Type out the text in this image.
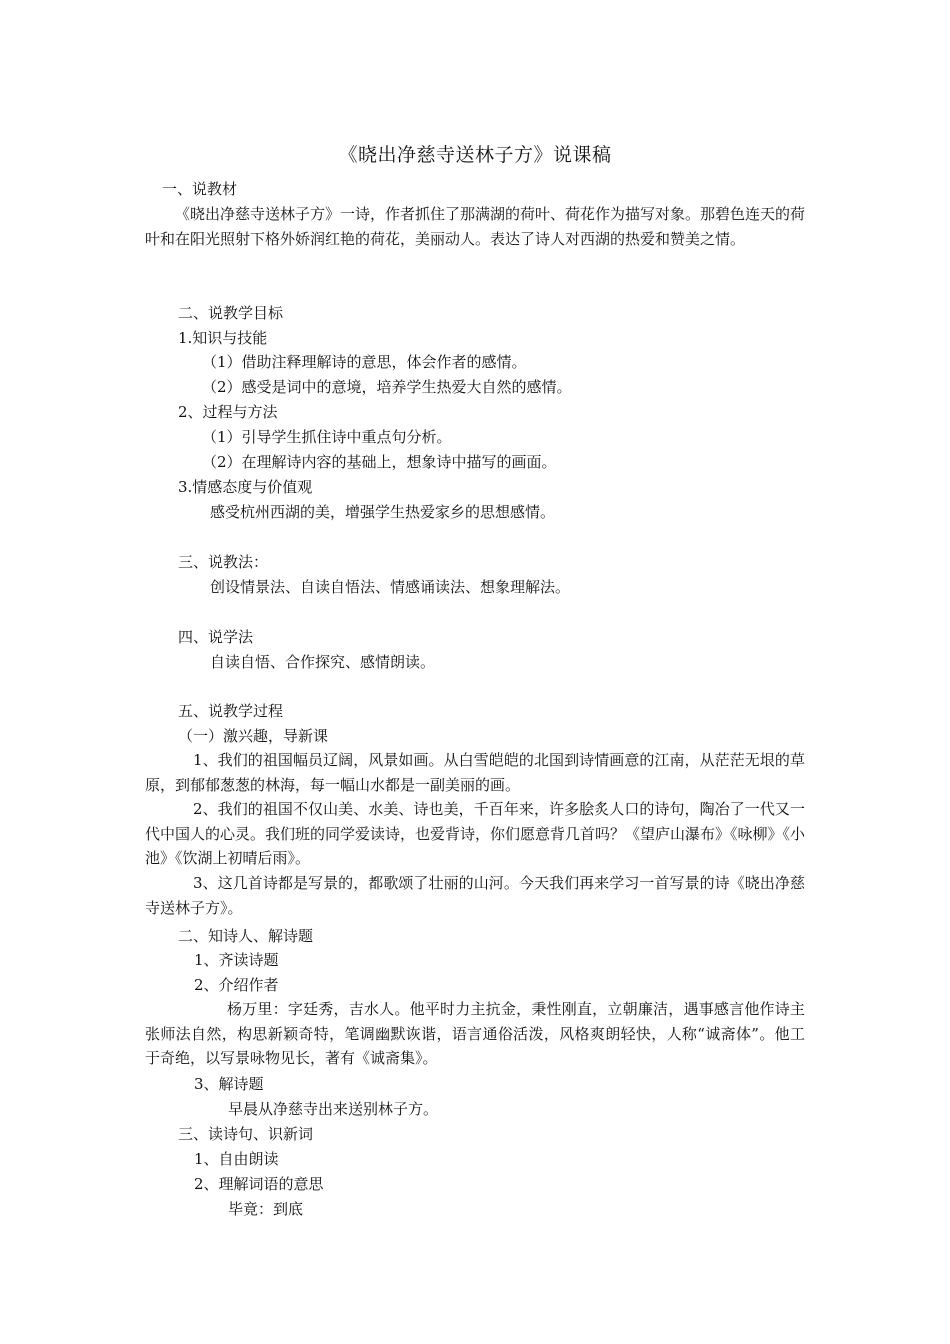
《晓出净慈寺送林子方》说课稿
一、说教材

《晓出净慈寺送林子方》一诗，作者抓住了那满湖的荷叶、荷花作为描写对象。那碧色连天的荷叶和在阳光照射下格外娇润红艳的荷花，美丽动人。表达了诗人对西湖的热爱和赞美之情。

二、说教学目标
1.知识与技能
（1）借助注释理解诗的意思，体会作者的感情。
（2）感受是词中的意境，培养学生热爱大自然的感情。
2、过程与方法
（1）引导学生抓住诗中重点句分析。
（2）在理解诗内容的基础上，想象诗中描写的画面。
3.情感态度与价值观
感受杭州西湖的美，增强学生热爱家乡的思想感情。
三、说教法：
创设情景法、自读自悟法、情感诵读法、想象理解法。
四、说学法
自读自悟、合作探究、感情朗读。
五、说教学过程
（一）激兴趣，导新课

1、我们的祖国幅员辽阔，风景如画。从白雪皑皑的北国到诗情画意的江南，从茫茫无垠的草原，到郁郁葱葱的林海，每一幅山水都是一副美丽的画。

2、我们的祖国不仅山美、水美、诗也美，千百年来，许多脍炙人口的诗句，陶冶了一代又一代中国人的心灵。我们班的同学爱读诗，也爱背诗，你们愿意背几首吗？《望庐山瀑布》《咏柳》《小池》《饮湖上初晴后雨》。

3、这几首诗都是写景的，都歌颂了壮丽的山河。今天我们再来学习一首写景的诗《晓出净慈寺送林子方》。

二、知诗人、解诗题
1、齐读诗题
2、介绍作者

杨万里：字廷秀，吉水人。他平时力主抗金，秉性刚直，立朝廉洁，遇事感言他作诗主张师法自然，构思新颖奇特，笔调幽默诙谐，语言通俗活泼，风格爽朗轻快，人称“诚斋体”。他工于奇绝，以写景咏物见长，著有《诚斋集》。

3、解诗题
早晨从净慈寺出来送别林子方。
三、读诗句、识新词
1、自由朗读
2、理解词语的意思
毕竟：到底
